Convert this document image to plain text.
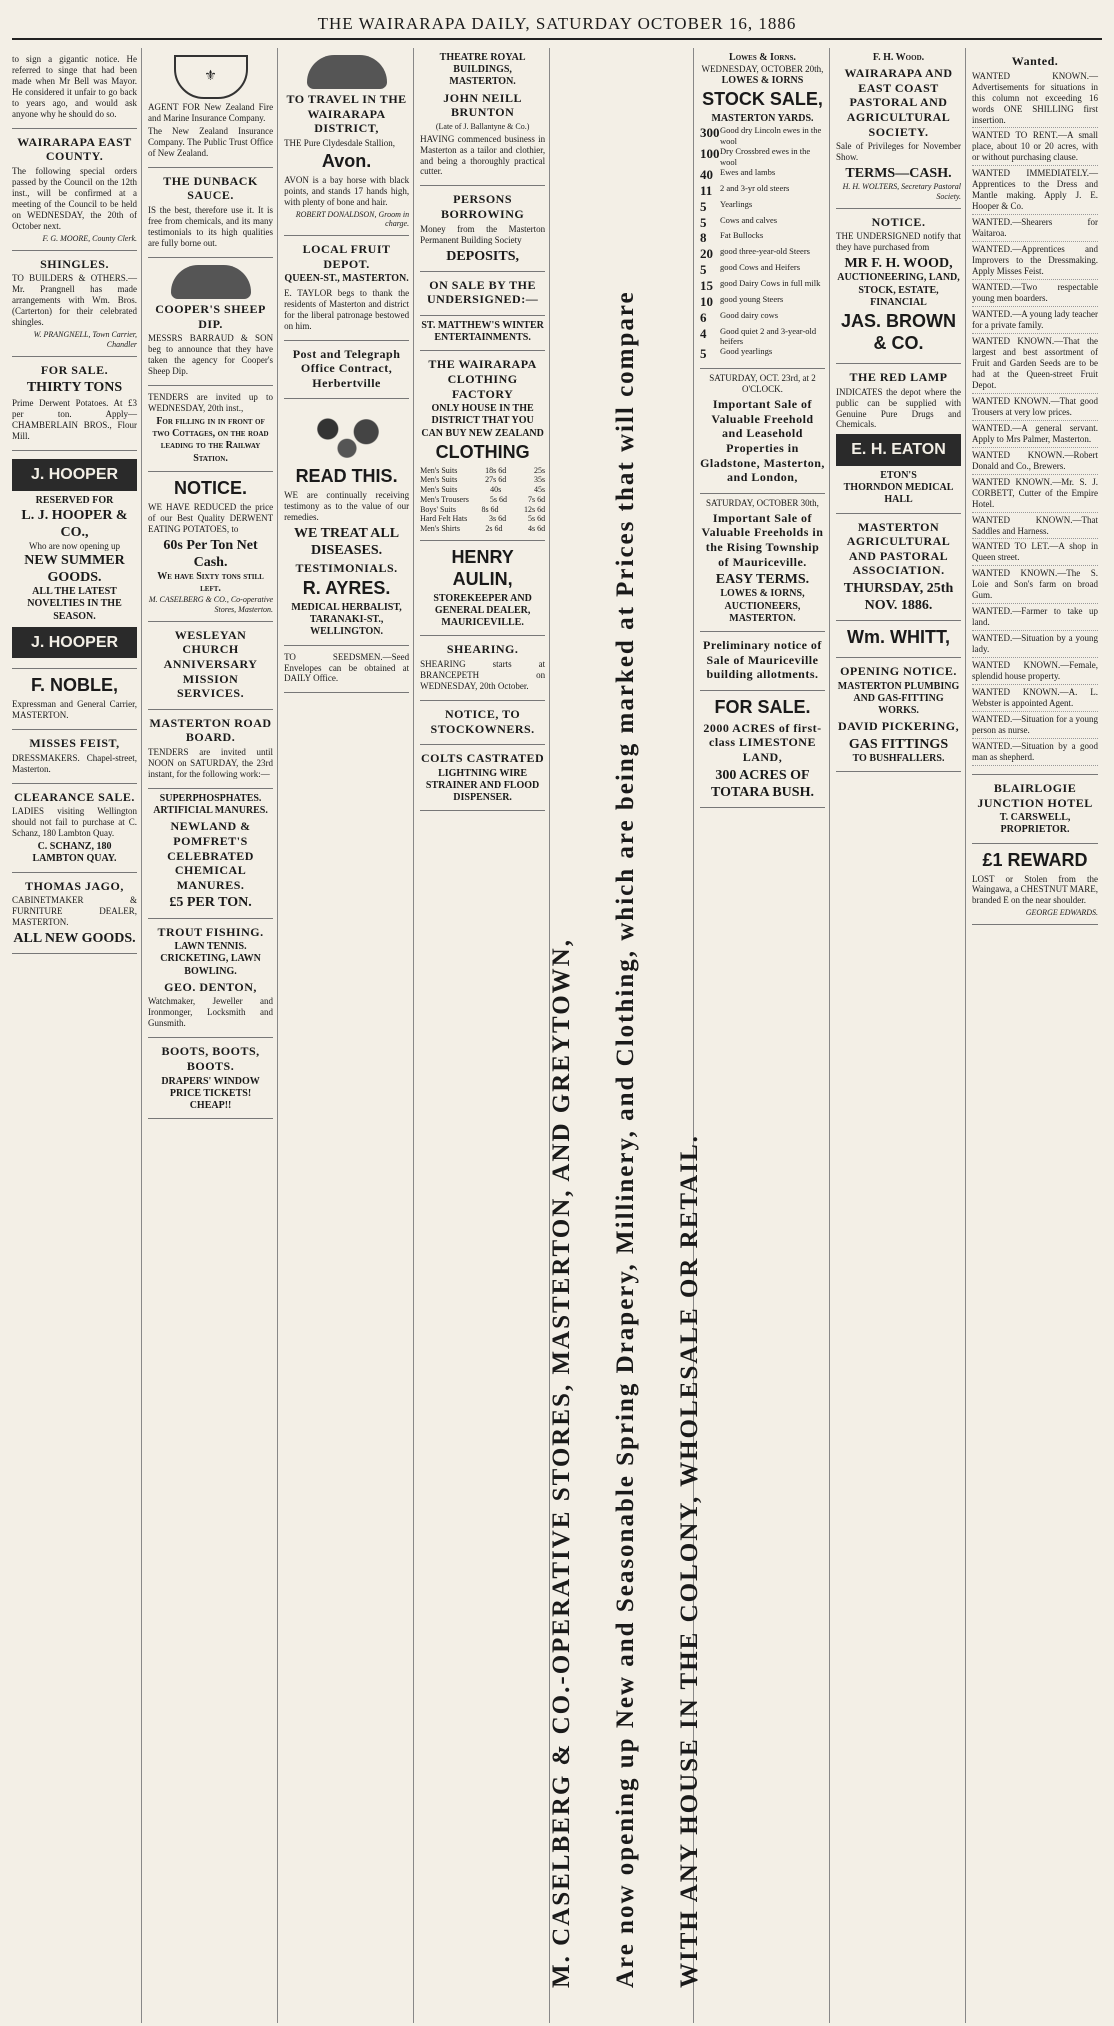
THE WAIRARAPA DAILY, SATURDAY OCTOBER 16, 1886

to sign a gigantic notice. He referred to singe that had been made when Mr Bell was Mayor. He considered it unfair to go back to years ago, and would ask anyone why he should do so.

WAIRARAPA EAST COUNTY.

The following special orders passed by the Council on the 12th inst., will be confirmed at a meeting of the Council to be held on WEDNESDAY, the 20th of October next.

F. G. MOORE, County Clerk.
SHINGLES.

TO BUILDERS & OTHERS.—Mr. Prangnell has made arrangements with Wm. Bros. (Carterton) for their celebrated shingles.

W. PRANGNELL, Town Carrier, Chandler
FOR SALE.
THIRTY TONS

Prime Derwent Potatoes. At £3 per ton. Apply— CHAMBERLAIN BROS., Flour Mill.

J. HOOPER
RESERVED FOR
L. J. HOOPER & CO.,
Who are now opening up
NEW SUMMER GOODS.
ALL THE LATEST NOVELTIES IN THE SEASON.
J. HOOPER
F. NOBLE,

Expressman and General Carrier, MASTERTON.

MISSES FEIST,

DRESSMAKERS. Chapel-street, Masterton.

CLEARANCE SALE.

LADIES visiting Wellington should not fail to purchase at C. Schanz, 180 Lambton Quay.

C. SCHANZ, 180 LAMBTON QUAY.
THOMAS JAGO,

CABINETMAKER & FURNITURE DEALER, MASTERTON.

ALL NEW GOODS.
⚜

AGENT FOR New Zealand Fire and Marine Insurance Company.

The New Zealand Insurance Company. The Public Trust Office of New Zealand.

THE DUNBACK SAUCE.

IS the best, therefore use it. It is free from chemicals, and its many testimonials to its high qualities are fully borne out.

COOPER'S SHEEP DIP.

MESSRS BARRAUD & SON beg to announce that they have taken the agency for Cooper's Sheep Dip.

TENDERS are invited up to WEDNESDAY, 20th inst.,

For filling in in front of two Cottages, on the road leading to the Railway Station.
NOTICE.

WE HAVE REDUCED the price of our Best Quality DERWENT EATING POTATOES, to

60s Per Ton Net Cash.
We have Sixty tons still left.
M. CASELBERG & CO., Co-operative Stores, Masterton.
WESLEYAN CHURCH ANNIVERSARY MISSION SERVICES.
MASTERTON ROAD BOARD.

TENDERS are invited until NOON on SATURDAY, the 23rd instant, for the following work:—

SUPERPHOSPHATES. ARTIFICIAL MANURES.
NEWLAND & POMFRET'S CELEBRATED CHEMICAL MANURES.
£5 PER TON.
TROUT FISHING.
LAWN TENNIS. CRICKETING, LAWN BOWLING.
GEO. DENTON,

Watchmaker, Jeweller and Ironmonger, Locksmith and Gunsmith.

BOOTS, BOOTS, BOOTS.
DRAPERS' WINDOW PRICE TICKETS! CHEAP!!
TO TRAVEL IN THE WAIRARAPA DISTRICT,

THE Pure Clydesdale Stallion,

Avon.

AVON is a bay horse with black points, and stands 17 hands high, with plenty of bone and hair.

ROBERT DONALDSON, Groom in charge.
LOCAL FRUIT DEPOT.
QUEEN-ST., MASTERTON.

E. TAYLOR begs to thank the residents of Masterton and district for the liberal patronage bestowed on him.

Post and Telegraph Office Contract, Herbertville
READ THIS.

WE are continually receiving testimony as to the value of our remedies.

WE TREAT ALL DISEASES.
TESTIMONIALS.
R. AYRES.
MEDICAL HERBALIST, TARANAKI-ST., WELLINGTON.

TO SEEDSMEN.—Seed Envelopes can be obtained at DAILY Office.

THEATRE ROYAL BUILDINGS, MASTERTON.
JOHN NEILL BRUNTON
(Late of J. Ballantyne & Co.)

HAVING commenced business in Masterton as a tailor and clothier, and being a thoroughly practical cutter.

PERSONS BORROWING

Money from the Masterton Permanent Building Society

DEPOSITS,
ON SALE BY THE UNDERSIGNED:—
ST. MATTHEW'S WINTER ENTERTAINMENTS.
THE WAIRARAPA CLOTHING FACTORY
ONLY HOUSE IN THE DISTRICT THAT YOU CAN BUY NEW ZEALAND
CLOTHING
Men's Suits	18s 6d	25s
Men's Suits	27s 6d	35s
Men's Suits	40s	45s
Men's Trousers	5s 6d	7s 6d
Boys' Suits	8s 6d	12s 6d
Hard Felt Hats	3s 6d	5s 6d
Men's Shirts	2s 6d	4s 6d
HENRY AULIN,
STOREKEEPER AND GENERAL DEALER, MAURICEVILLE.
SHEARING.

SHEARING starts at BRANCEPETH on WEDNESDAY, 20th October.

NOTICE, TO STOCKOWNERS.
COLTS CASTRATED
LIGHTNING WIRE STRAINER AND FLOOD DISPENSER.
M. CASELBERG & CO.-OPERATIVE STORES, MASTERTON, AND GREYTOWN,	Are now opening up New and Seasonable Spring Drapery, Millinery, and Clothing, which are being marked at Prices that will compare	WITH ANY HOUSE IN THE COLONY, WHOLESALE OR RETAIL.
Lowes & Iorns.
WEDNESDAY, OCTOBER 20th,
LOWES & IORNS
STOCK SALE,
MASTERTON YARDS.
300 Good dry Lincoln ewes in the wool
100 Dry Crossbred ewes in the wool
40 Ewes and lambs
11 2 and 3-yr old steers
5	Yearlings
5	Cows and calves
8	Fat Bullocks
20 good three-year-old Steers
5	good Cows and Heifers
15 good Dairy Cows in full milk
10 good young Steers
6	Good dairy cows
4	Good quiet 2 and 3-year-old heifers
5	Good yearlings
SATURDAY, OCT. 23rd, at 2 O'CLOCK.
Important Sale of Valuable Freehold and Leasehold Properties in Gladstone, Masterton, and London,
SATURDAY, OCTOBER 30th,
Important Sale of Valuable Freeholds in the Rising Township of Mauriceville.
EASY TERMS.
LOWES & IORNS, AUCTIONEERS, MASTERTON.
Preliminary notice of Sale of Mauriceville building allotments.
FOR SALE.
2000 ACRES of first-class LIMESTONE LAND,
300 ACRES OF TOTARA BUSH.
F. H. Wood.
WAIRARAPA AND EAST COAST PASTORAL AND AGRICULTURAL SOCIETY.

Sale of Privileges for November Show.

TERMS—CASH.
H. H. WOLTERS, Secretary Pastoral Society.
NOTICE.

THE UNDERSIGNED notify that they have purchased from

MR F. H. WOOD,
AUCTIONEERING, LAND, STOCK, ESTATE, FINANCIAL
JAS. BROWN & CO.
THE RED LAMP

INDICATES the depot where the public can be supplied with Genuine Pure Drugs and Chemicals.

E. H. EATON
ETON'S
THORNDON MEDICAL HALL
MASTERTON AGRICULTURAL AND PASTORAL ASSOCIATION.
THURSDAY, 25th NOV. 1886.
Wm. WHITT,
OPENING NOTICE.
MASTERTON PLUMBING AND GAS-FITTING WORKS.
DAVID PICKERING,
GAS FITTINGS
TO BUSHFALLERS.
Wanted.

WANTED KNOWN.—Advertisements for situations in this column not exceeding 16 words ONE SHILLING first insertion.

WANTED TO RENT.—A small place, about 10 or 20 acres, with or without purchasing clause.

WANTED IMMEDIATELY.—Apprentices to the Dress and Mantle making. Apply J. E. Hooper & Co.

WANTED.—Shearers for Waitaroa.

WANTED.—Apprentices and Improvers to the Dressmaking. Apply Misses Feist.

WANTED.—Two respectable young men boarders.

WANTED.—A young lady teacher for a private family.

WANTED KNOWN.—That the largest and best assortment of Fruit and Garden Seeds are to be had at the Queen-street Fruit Depot.

WANTED KNOWN.—That good Trousers at very low prices.

WANTED.—A general servant. Apply to Mrs Palmer, Masterton.

WANTED KNOWN.—Robert Donald and Co., Brewers.

WANTED KNOWN.—Mr. S. J. CORBETT, Cutter of the Empire Hotel.

WANTED KNOWN.—That Saddles and Harness.

WANTED TO LET.—A shop in Queen street.

WANTED KNOWN.—The S. Loie and Son's farm on broad Gum.

WANTED.—Farmer to take up land.

WANTED.—Situation by a young lady.

WANTED KNOWN.—Female, splendid house property.

WANTED KNOWN.—A. L. Webster is appointed Agent.

WANTED.—Situation for a young person as nurse.

WANTED.—Situation by a good man as shepherd.

BLAIRLOGIE JUNCTION HOTEL
T. CARSWELL, PROPRIETOR.
£1 REWARD

LOST or Stolen from the Waingawa, a CHESTNUT MARE, branded E on the near shoulder.

GEORGE EDWARDS.
